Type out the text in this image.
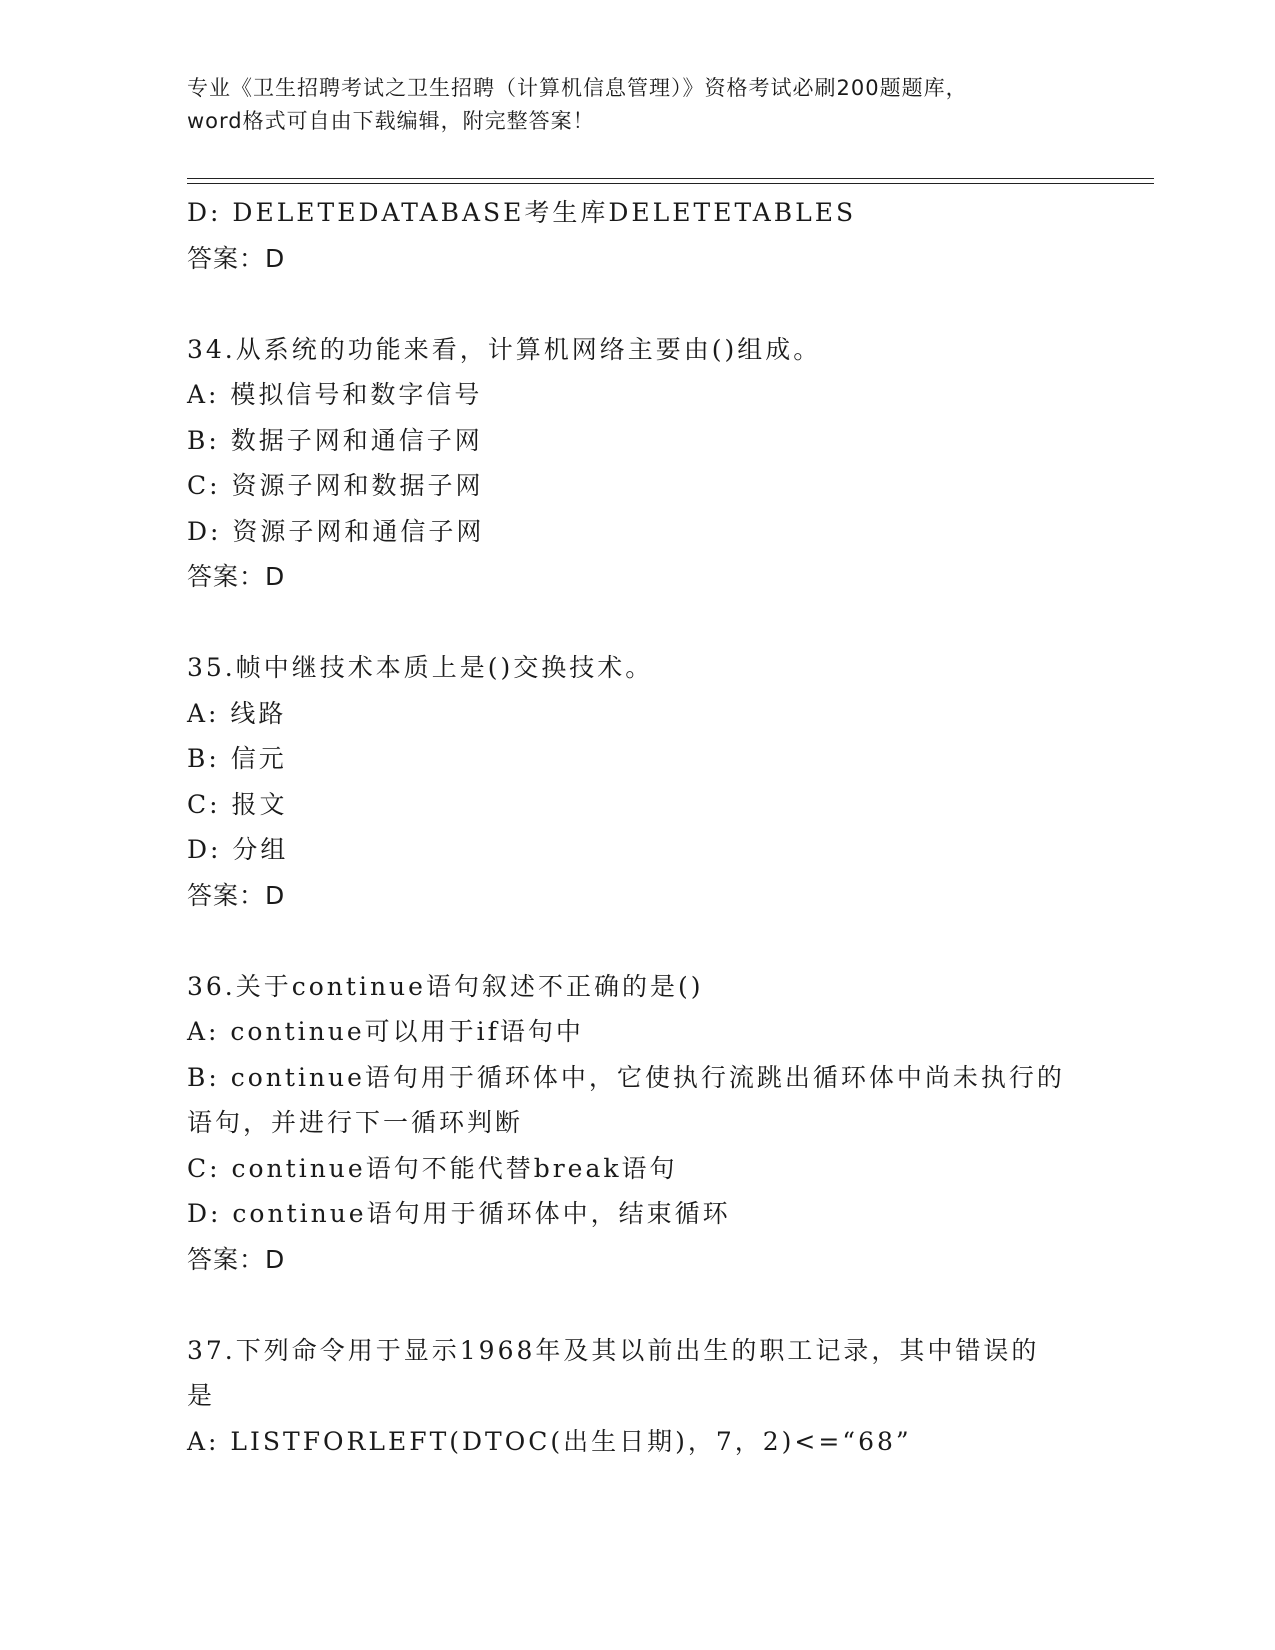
专业《卫生招聘考试之卫生招聘（计算机信息管理）》资格考试必刷200题题库，
word格式可自由下载编辑，附完整答案！
D: DELETEDATABASE考生库DELETETABLES
答案：D
34.从系统的功能来看，计算机网络主要由()组成。
A: 模拟信号和数字信号
B: 数据子网和通信子网
C: 资源子网和数据子网
D: 资源子网和通信子网
答案：D
35.帧中继技术本质上是()交换技术。
A: 线路
B: 信元
C: 报文
D: 分组
答案：D
36.关于continue语句叙述不正确的是()
A: continue可以用于if语句中
B: continue语句用于循环体中，它使执行流跳出循环体中尚未执行的
语句，并进行下一循环判断
C: continue语句不能代替break语句
D: continue语句用于循环体中，结束循环
答案：D
37.下列命令用于显示1968年及其以前出生的职工记录，其中错误的
是
A: LISTFORLEFT(DTOC(出生日期)，7，2)<=“68”
